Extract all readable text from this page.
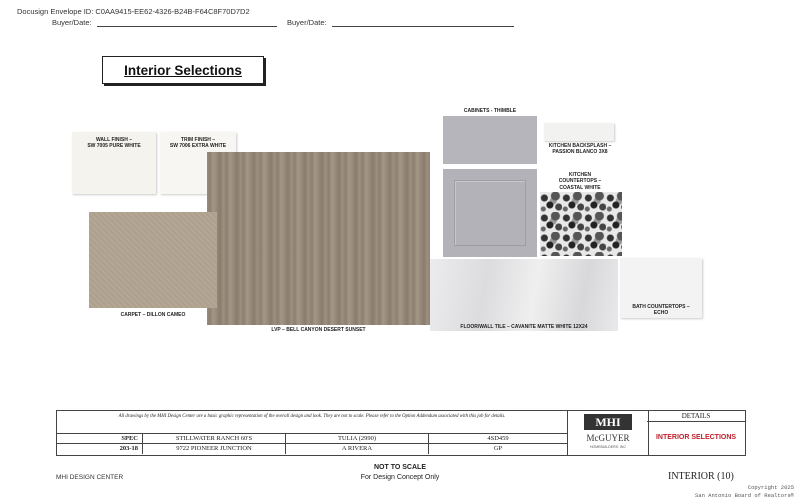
Docusign Envelope ID: C0AA9415-EE62-4326-B24B-F64C8F70D7D2
Buyer/Date:	Buyer/Date:
Interior Selections
WALL FINISH –
SW 7005 PURE WHITE
TRIM FINISH –
SW 7006 EXTRA WHITE
LVP – BELL CANYON DESERT SUNSET
CARPET – DILLON CAMEO
CABINETS - THIMBLE
KITCHEN BACKSPLASH –
PASSION BLANCO 3X8
KITCHEN
COUNTERTOPS –
COASTAL WHITE
FLOOR/WALL TILE – CAVANITE MATTE WHITE 12X24
BATH COUNTERTOPS –
ECHO
All drawings by the MHI Design Center are a basic graphic representation of the overall design and look. They are not to scale. Please refer to the Option Addendum associated with this job for details.
SPEC	STILLWATER RANCH 60'S	TULIA (2990)	4SD459
203-18	9722 PIONEER JUNCTION	A RIVERA	GP
MHI
McGUYER
HOMEBUILDERS, INC
DETAILS
INTERIOR SELECTIONS
MHI DESIGN CENTER
NOT TO SCALE
For Design Concept Only	INTERIOR (10)
Copyright 2025
San Antonio Board of Realtors®
